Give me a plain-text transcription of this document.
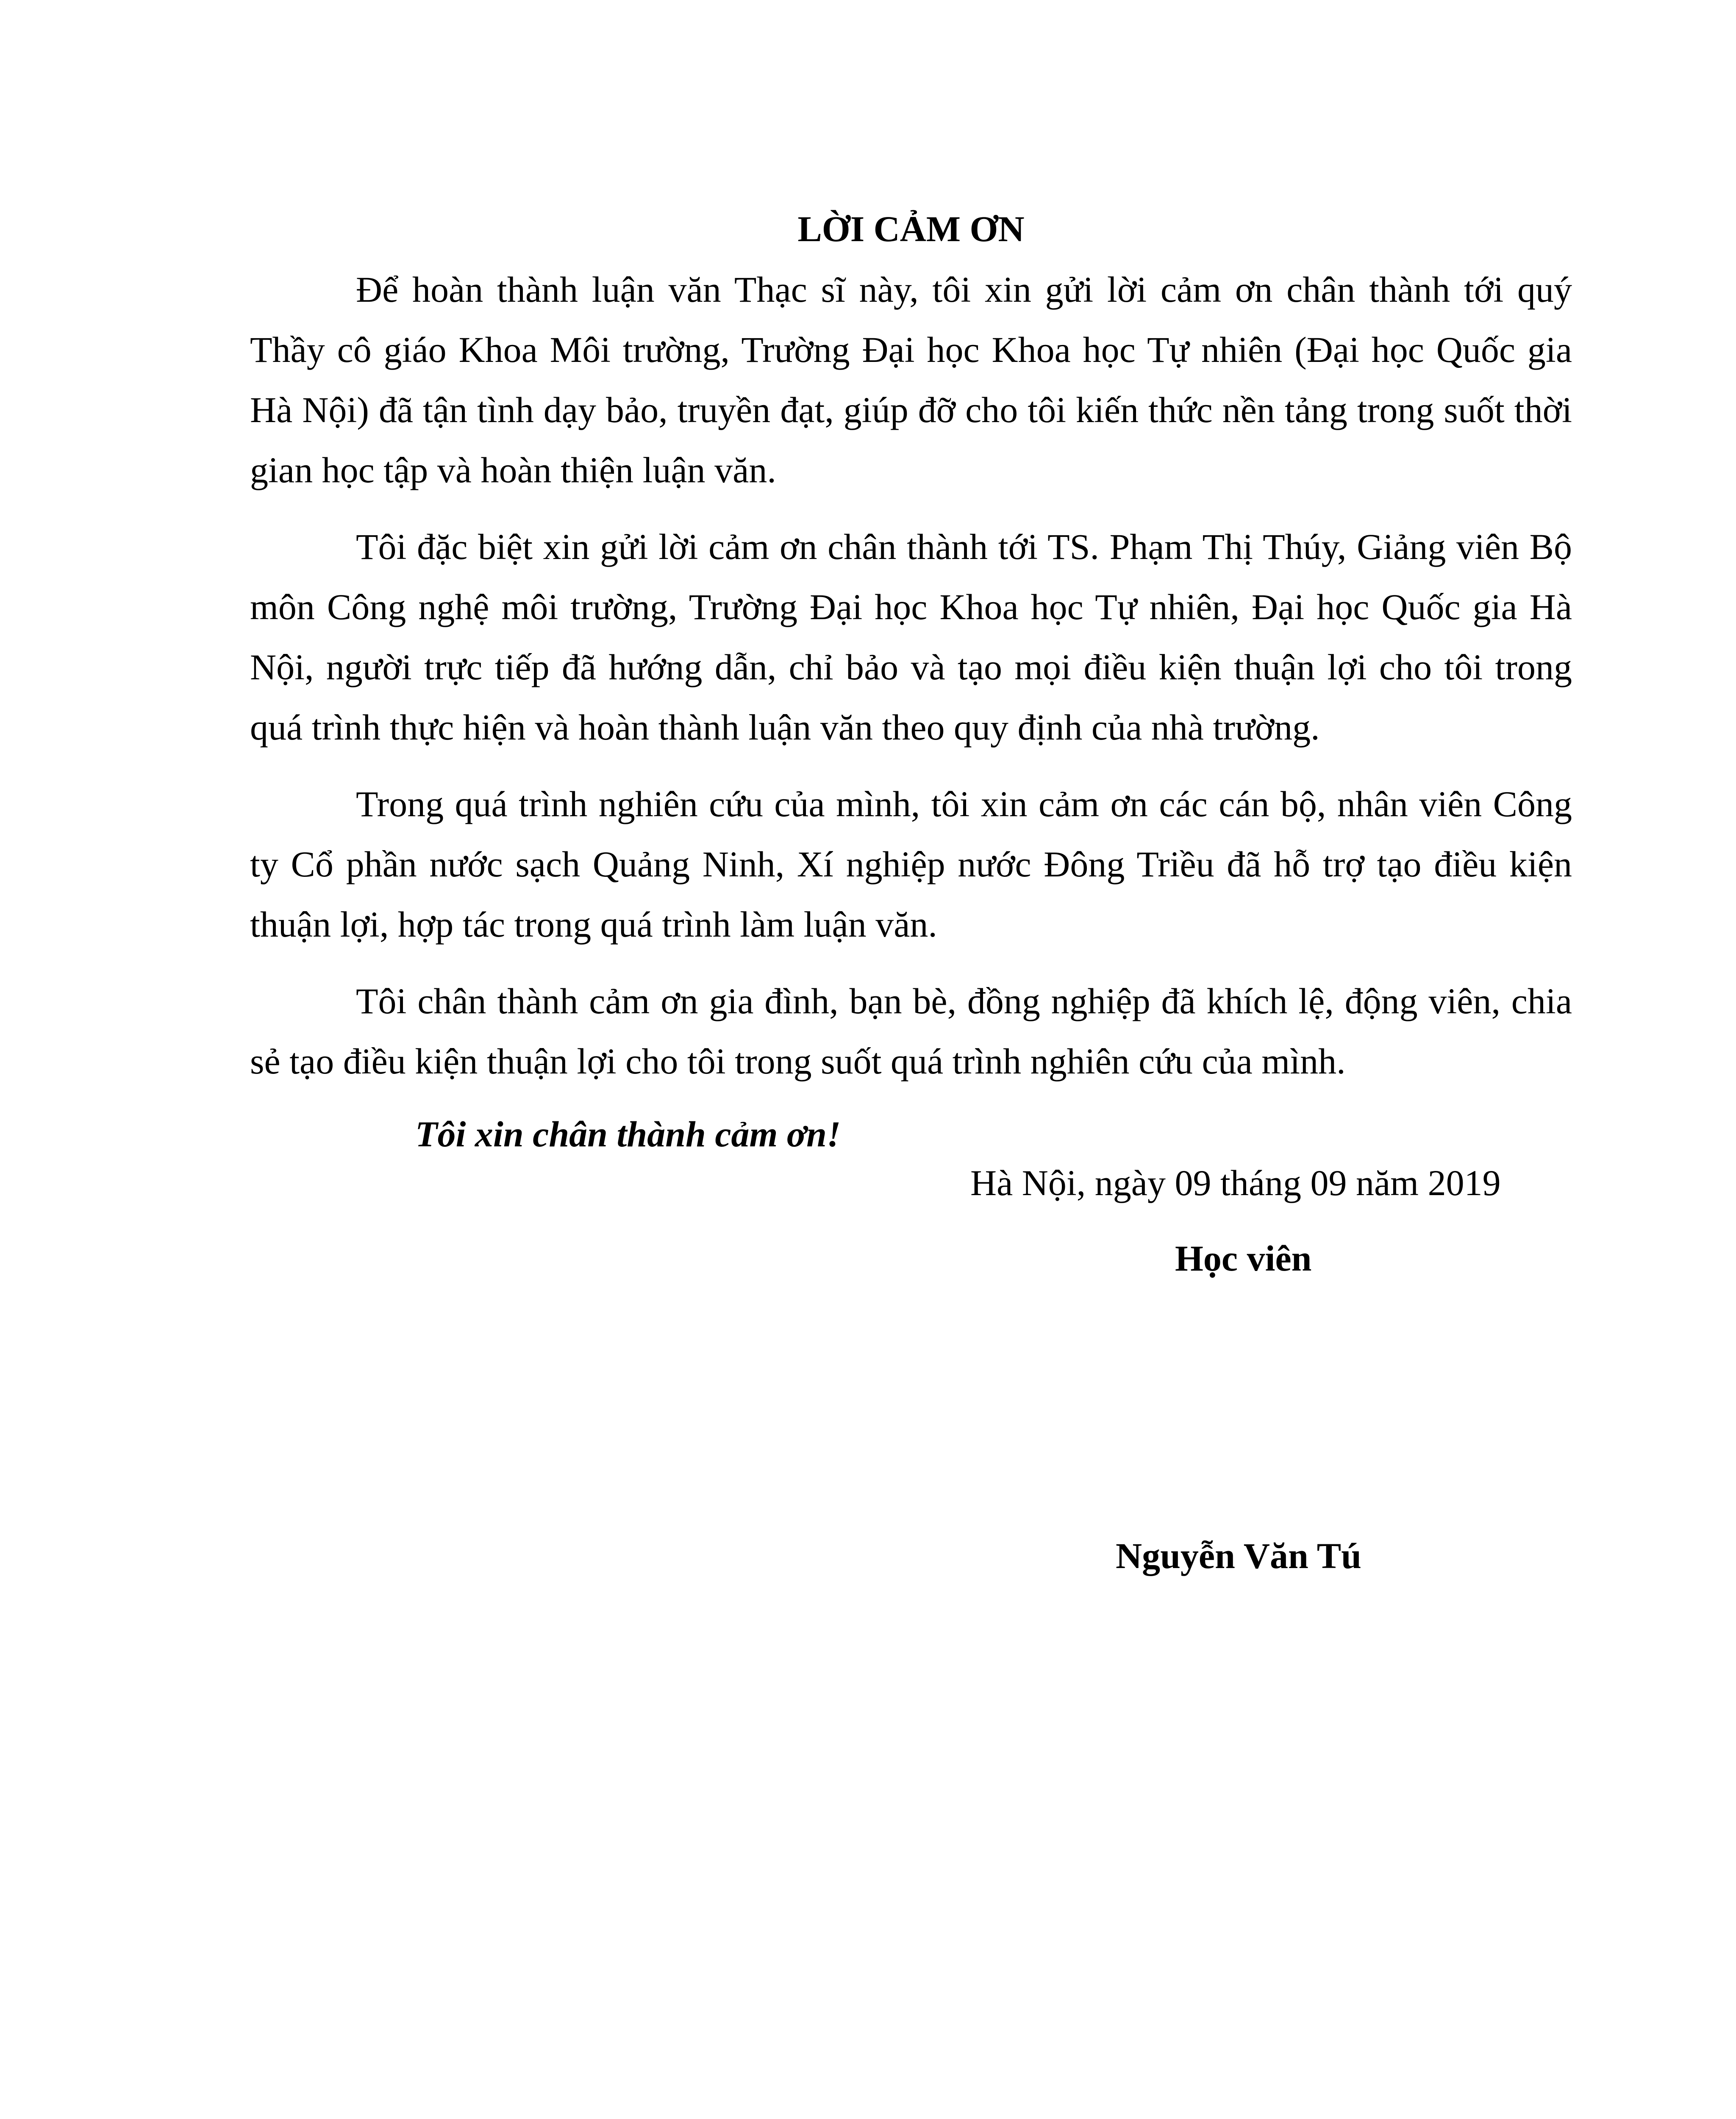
LỜI CẢM ƠN

Để hoàn thành luận văn Thạc sĩ này, tôi xin gửi lời cảm ơn chân thành tới quý Thầy cô giáo Khoa Môi trường, Trường Đại học Khoa học Tự nhiên (Đại học Quốc gia Hà Nội) đã tận tình dạy bảo, truyền đạt, giúp đỡ cho tôi kiến thức nền tảng trong suốt thời gian học tập và hoàn thiện luận văn.

Tôi đặc biệt xin gửi lời cảm ơn chân thành tới TS. Phạm Thị Thúy, Giảng viên Bộ môn Công nghệ môi trường, Trường Đại học Khoa học Tự nhiên, Đại học Quốc gia Hà Nội, người trực tiếp đã hướng dẫn, chỉ bảo và tạo mọi điều kiện thuận lợi cho tôi trong quá trình thực hiện và hoàn thành luận văn theo quy định của nhà trường.

Trong quá trình nghiên cứu của mình, tôi xin cảm ơn các cán bộ, nhân viên Công ty Cổ phần nước sạch Quảng Ninh, Xí nghiệp nước Đông Triều đã hỗ trợ tạo điều kiện thuận lợi, hợp tác trong quá trình làm luận văn.

Tôi chân thành cảm ơn gia đình, bạn bè, đồng nghiệp đã khích lệ, động viên, chia sẻ tạo điều kiện thuận lợi cho tôi trong suốt quá trình nghiên cứu của mình.

Tôi xin chân thành cảm ơn!
Hà Nội, ngày 09 tháng 09 năm 2019
Học viên
Nguyễn Văn Tú
